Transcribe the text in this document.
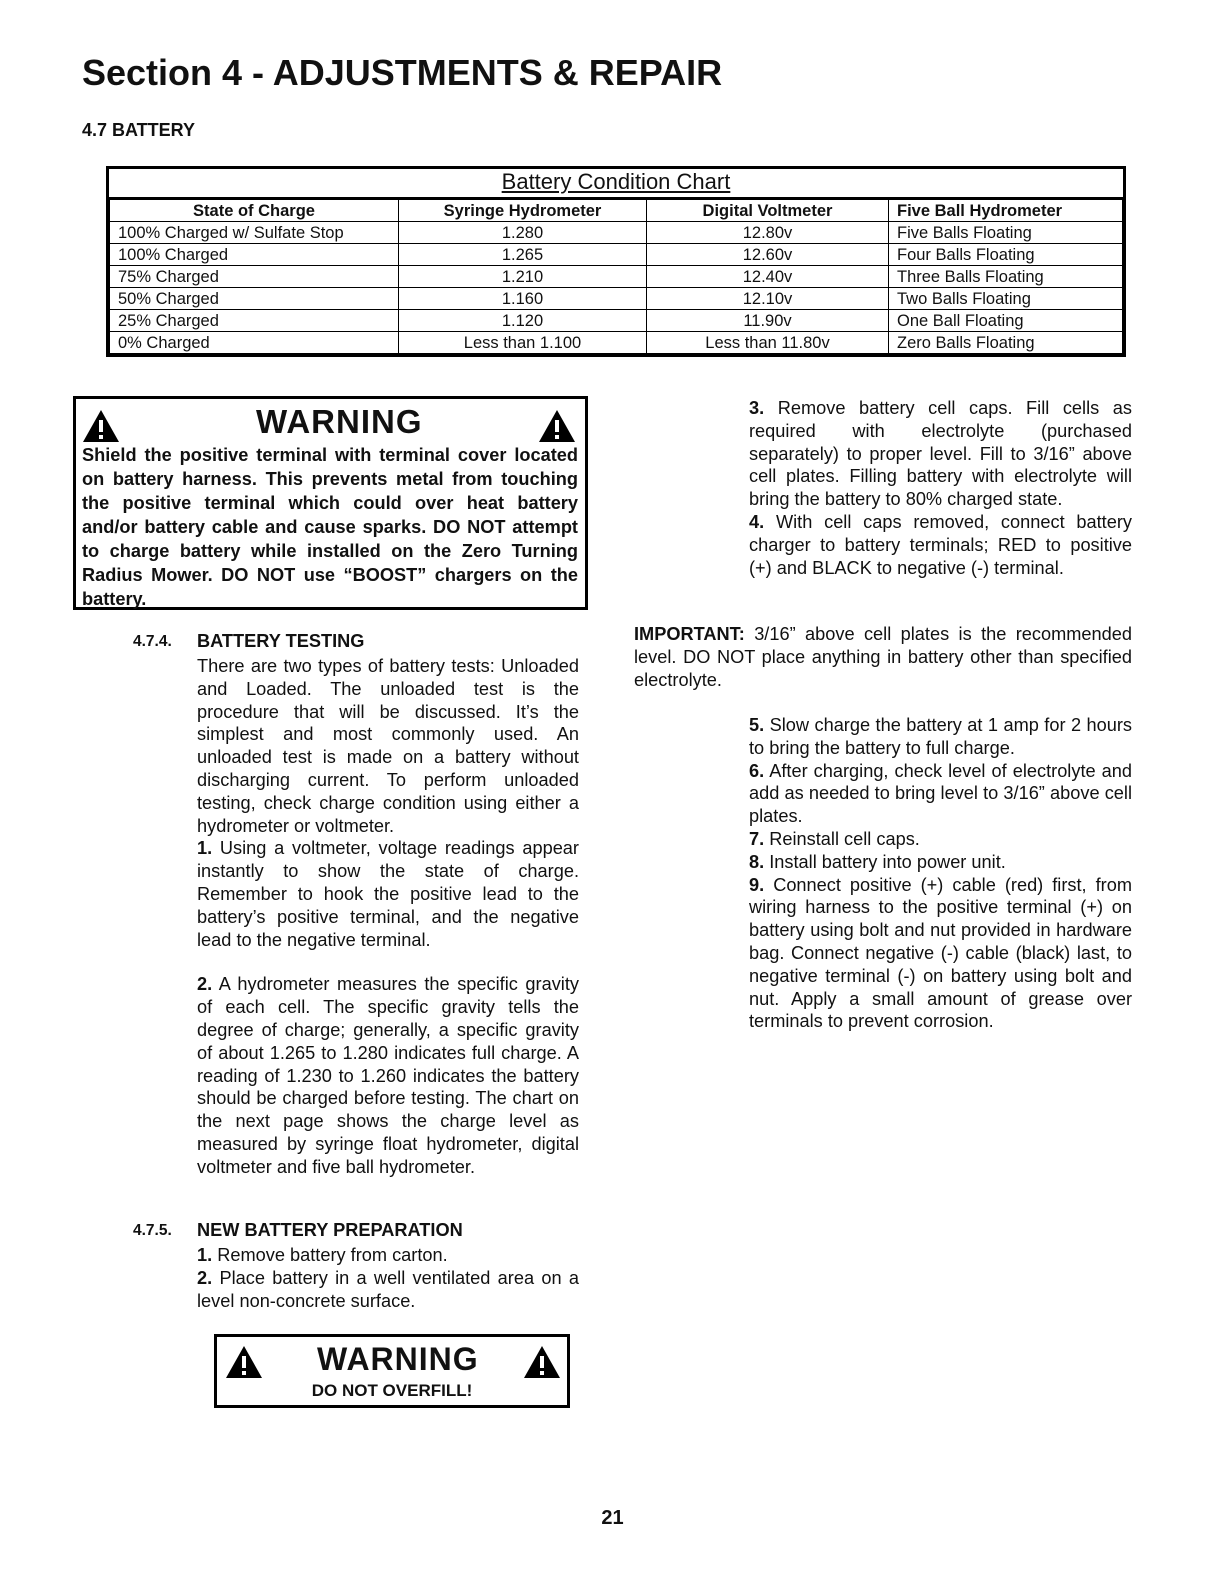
Section 4 - ADJUSTMENTS & REPAIR
4.7 BATTERY
Battery Condition Chart
State of Charge	Syringe Hydrometer	Digital Voltmeter	Five Ball Hydrometer
100% Charged w/ Sulfate Stop	1.280	12.80v	Five Balls Floating
100% Charged	1.265	12.60v	Four Balls Floating
75% Charged	1.210	12.40v	Three Balls Floating
50% Charged	1.160	12.10v	Two Balls Floating
25% Charged	1.120	11.90v	One Ball Floating
0% Charged	Less than 1.100	Less than 11.80v	Zero Balls Floating
WARNING
Shield the positive terminal with terminal cover located on battery harness. This prevents metal from touching the positive terminal which could over heat battery and/or battery cable and cause sparks. DO NOT attempt to charge battery while installed on the Zero Turning Radius Mower. DO NOT use “BOOST” chargers on the battery.
4.7.4. BATTERY TESTING

There are two types of battery tests: Unloaded and Loaded. The unloaded test is the procedure that will be discussed. It’s the simplest and most commonly used. An unloaded test is made on a battery without discharging current. To perform unloaded testing, check charge condition using either a hydrometer or voltmeter.

1. Using a voltmeter, voltage readings appear instantly to show the state of charge. Remember to hook the positive lead to the battery’s positive terminal, and the negative lead to the negative terminal.

2. A hydrometer measures the specific gravity of each cell. The specific gravity tells the degree of charge; generally, a specific gravity of about 1.265 to 1.280 indicates full charge. A reading of 1.230 to 1.260 indicates the battery should be charged before testing. The chart on the next page shows the charge level as measured by syringe float hydrometer, digital voltmeter and five ball hydrometer.

4.7.5. NEW BATTERY PREPARATION

1. Remove battery from carton.

2. Place battery in a well ventilated area on a level non-concrete surface.

3. Remove battery cell caps. Fill cells as required with electrolyte (purchased separately) to proper level. Fill to 3/16” above cell plates. Filling battery with electrolyte will bring the battery to 80% charged state.

4. With cell caps removed, connect battery charger to battery terminals; RED to positive (+) and BLACK to negative (-) terminal.

IMPORTANT: 3/16” above cell plates is the recommended level. DO NOT place anything in battery other than specified electrolyte.

5. Slow charge the battery at 1 amp for 2 hours to bring the battery to full charge.

6. After charging, check level of electrolyte and add as needed to bring level to 3/16” above cell plates.

7. Reinstall cell caps.

8. Install battery into power unit.

9. Connect positive (+) cable (red) first, from wiring harness to the positive terminal (+) on battery using bolt and nut provided in hardware bag. Connect negative (-) cable (black) last, to negative terminal (-) on battery using bolt and nut. Apply a small amount of grease over terminals to prevent corrosion.

WARNING
DO NOT OVERFILL!
21
